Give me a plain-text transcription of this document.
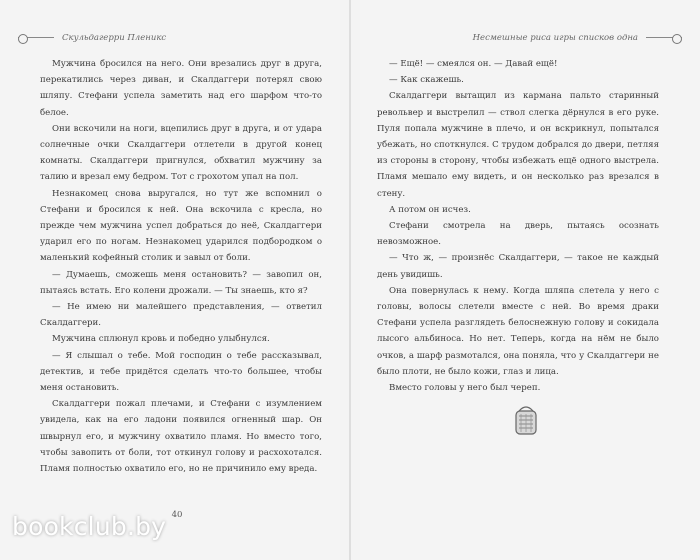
Скульдагерри Пленикс	Несмешные риса игры списков одна

Мужчина бросился на него. Они врезались друг в друга, перекатились через диван, и Скалдаггери потерял свою шляпу. Стефани успела заметить над его шарфом что-то белое.

Они вскочили на ноги, вцепились друг в друга, и от удара солнечные очки Скалдаггери отлетели в другой конец комнаты. Скалдаггери пригнулся, обхватил мужчину за талию и врезал ему бедром. Тот с грохотом упал на пол.

Незнакомец снова выругался, но тут же вспомнил о Стефани и бросился к ней. Она вскочила с кресла, но прежде чем мужчина успел добраться до неё, Скалдаггери ударил его по ногам. Незнакомец ударился подбородком о маленький кофейный столик и завыл от боли.

— Думаешь, сможешь меня остановить? — завопил он, пытаясь встать. Его колени дрожали. — Ты знаешь, кто я?

— Не имею ни малейшего представления, — ответил Скалдаггери.

Мужчина сплюнул кровь и победно улыбнулся.

— Я слышал о тебе. Мой господин о тебе рассказывал, детектив, и тебе придётся сделать что-то большее, чтобы меня остановить.

Скалдаггери пожал плечами, и Стефани с изумлением увидела, как на его ладони появился огненный шар. Он швырнул его, и мужчину охватило пламя. Но вместо того, чтобы завопить от боли, тот откинул голову и расхохотался. Пламя полностью охватило его, но не причинило ему вреда.

— Ещё! — смеялся он. — Давай ещё!

— Как скажешь.

Скалдаггери вытащил из кармана пальто старинный револьвер и выстрелил — ствол слегка дёрнулся в его руке. Пуля попала мужчине в плечо, и он вскрикнул, попытался убежать, но споткнулся. С трудом добрался до двери, петляя из стороны в сторону, чтобы избежать ещё одного выстрела. Пламя мешало ему видеть, и он несколько раз врезался в стену.

А потом он исчез.

Стефани смотрела на дверь, пытаясь осознать невозможное.

— Что ж, — произнёс Скалдаггери, — такое не каждый день увидишь.

Она повернулась к нему. Когда шляпа слетела у него с головы, волосы слетели вместе с ней. Во время драки Стефани успела разглядеть белоснежную голову и сокидала лысого альбиноса. Но нет. Теперь, когда на нём не было очков, а шарф размотался, она поняла, что у Скалдаггери не было плоти, не было кожи, глаз и лица.

Вместо головы у него был череп.

40
bookclub.by
